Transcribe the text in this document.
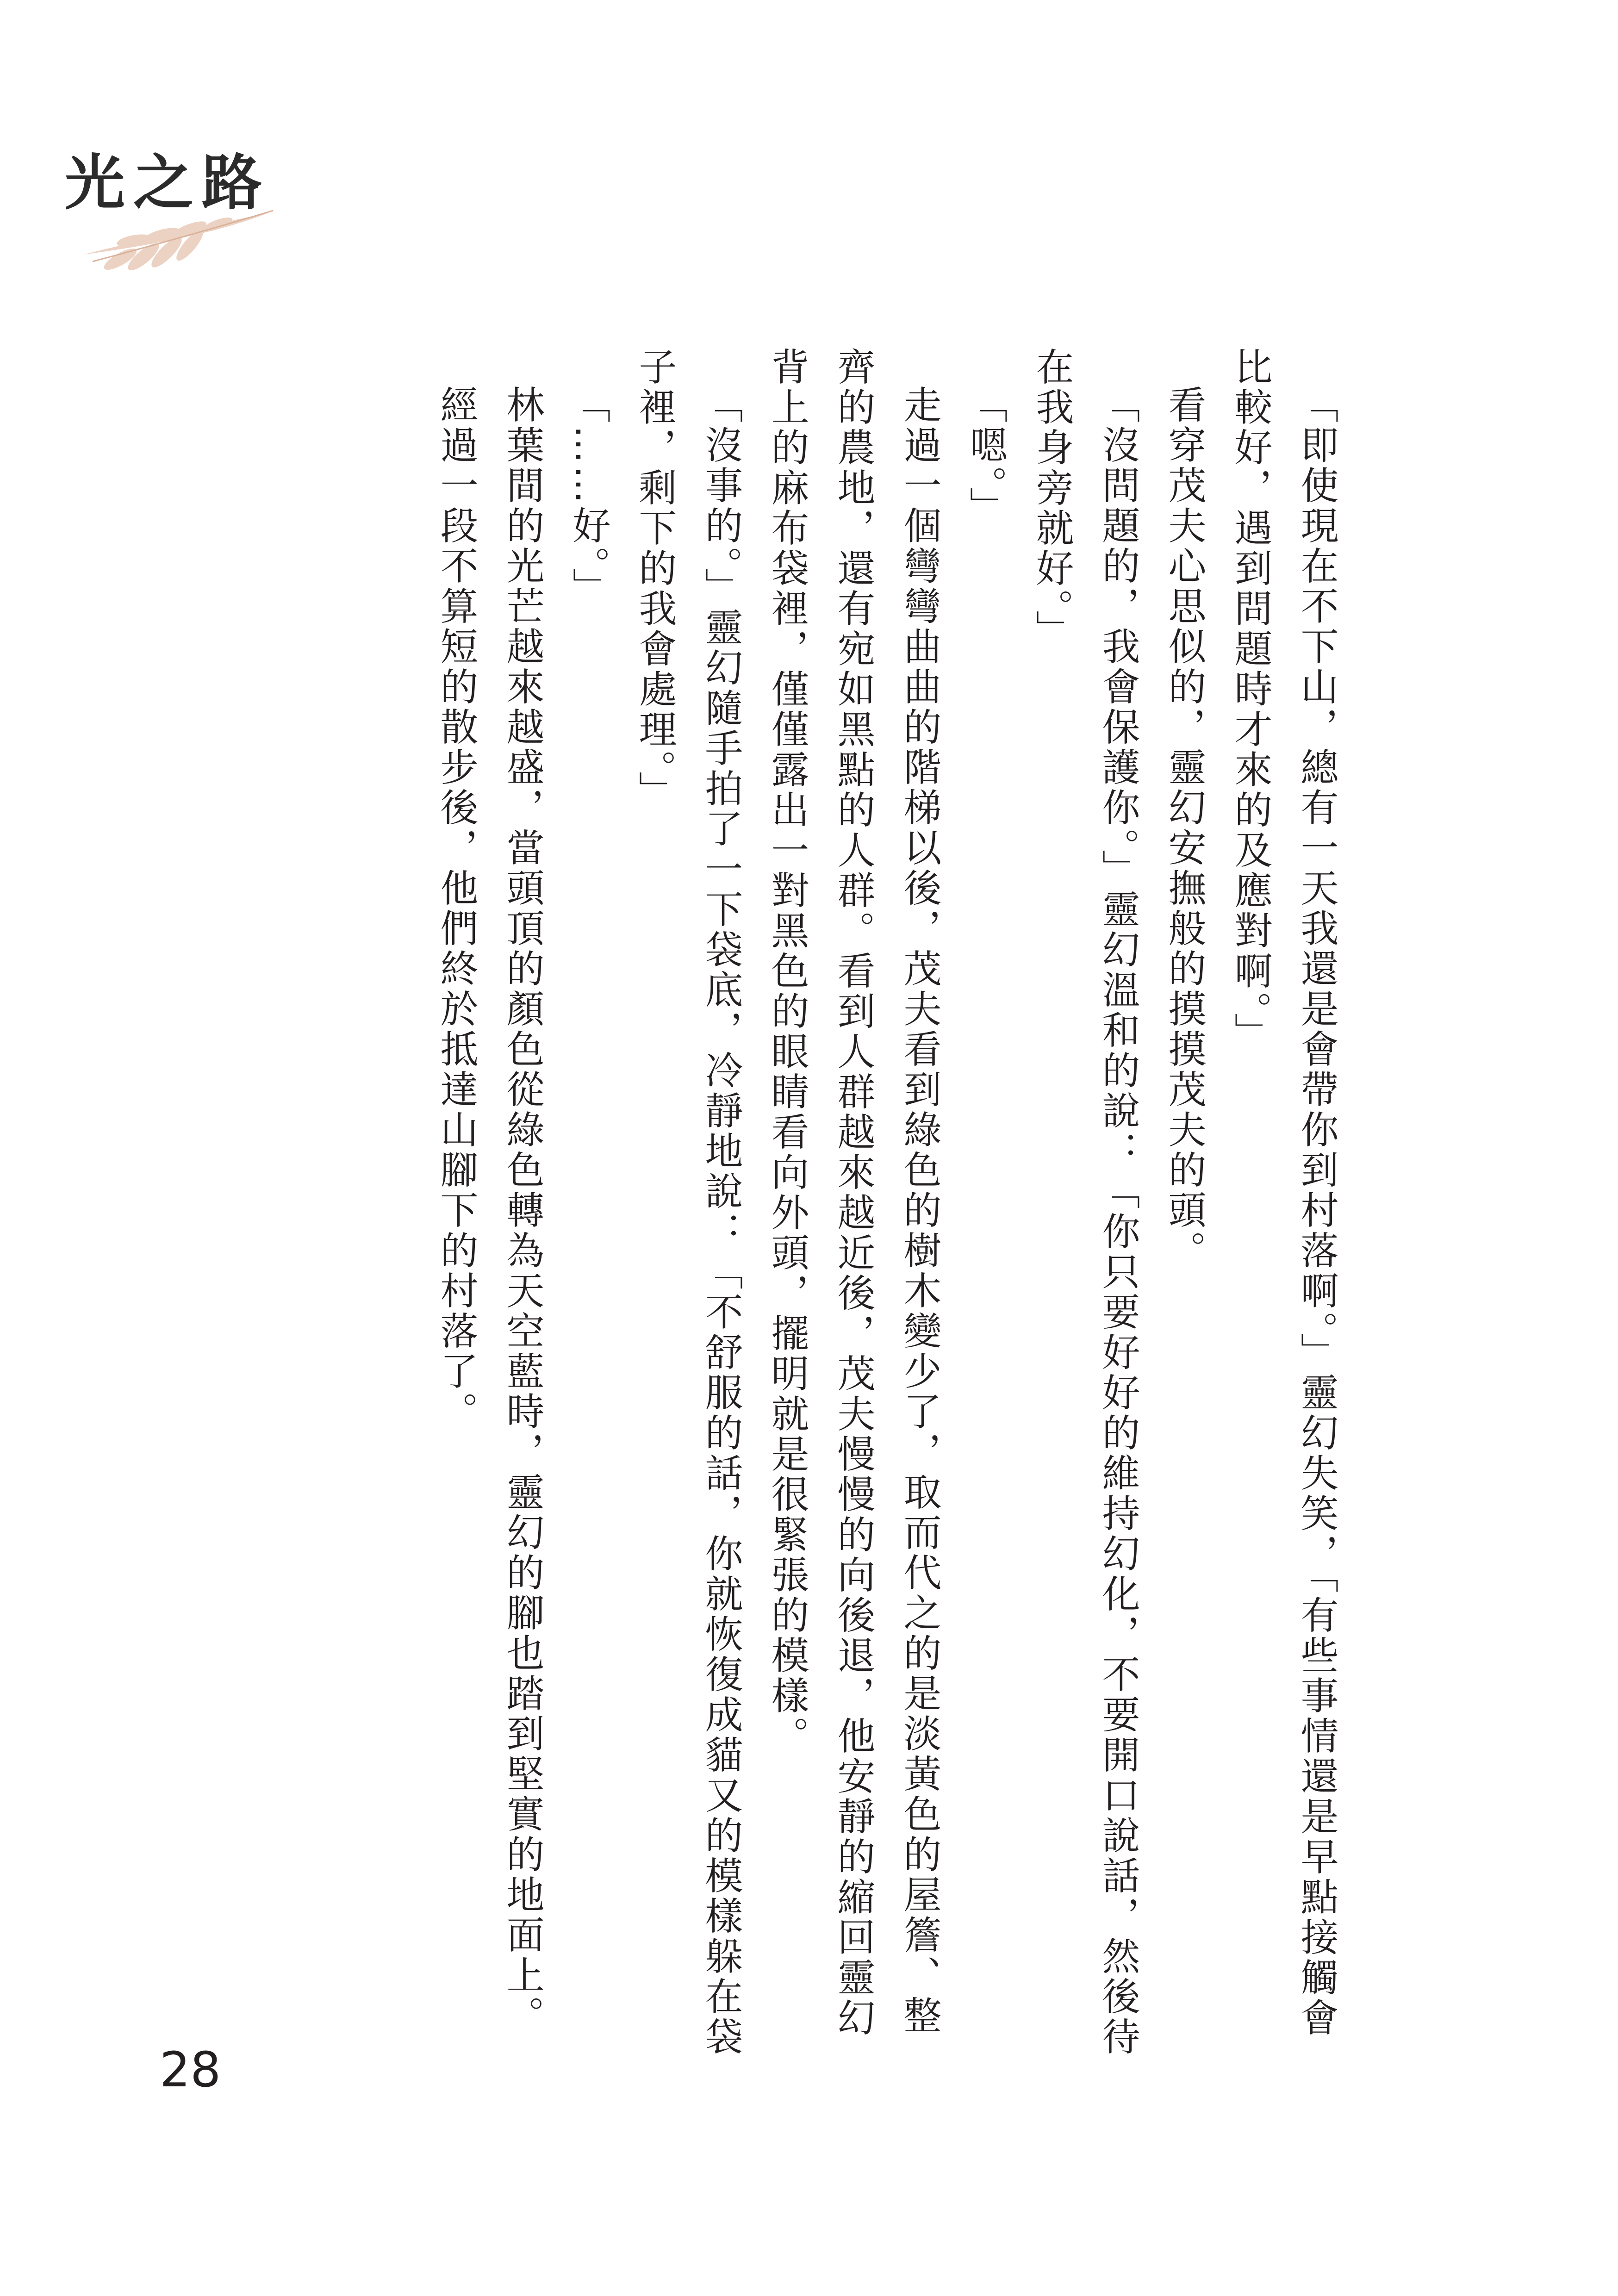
光之路

「即使現在不下山，總有一天我還是會帶你到村落啊。」靈幻失笑，「有些事情還是早點接觸會比較好，遇到問題時才來的及應對啊。」

看穿茂夫心思似的，靈幻安撫般的摸摸茂夫的頭。

「沒問題的，我會保護你。」靈幻溫和的說：「你只要好好的維持幻化，不要開口說話，然後待在我身旁就好。」

「嗯。」

走過一個彎彎曲曲的階梯以後，茂夫看到綠色的樹木變少了，取而代之的是淡黃色的屋簷、整齊的農地，還有宛如黑點的人群。看到人群越來越近後，茂夫慢慢的向後退，他安靜的縮回靈幻背上的麻布袋裡，僅僅露出一對黑色的眼睛看向外頭，擺明就是很緊張的模樣。

「沒事的。」靈幻隨手拍了一下袋底，冷靜地說：「不舒服的話，你就恢復成貓又的模樣躲在袋子裡，剩下的我會處理。」

「……好。」

林葉間的光芒越來越盛，當頭頂的顏色從綠色轉為天空藍時，靈幻的腳也踏到堅實的地面上。

經過一段不算短的散步後，他們終於抵達山腳下的村落了。

28
